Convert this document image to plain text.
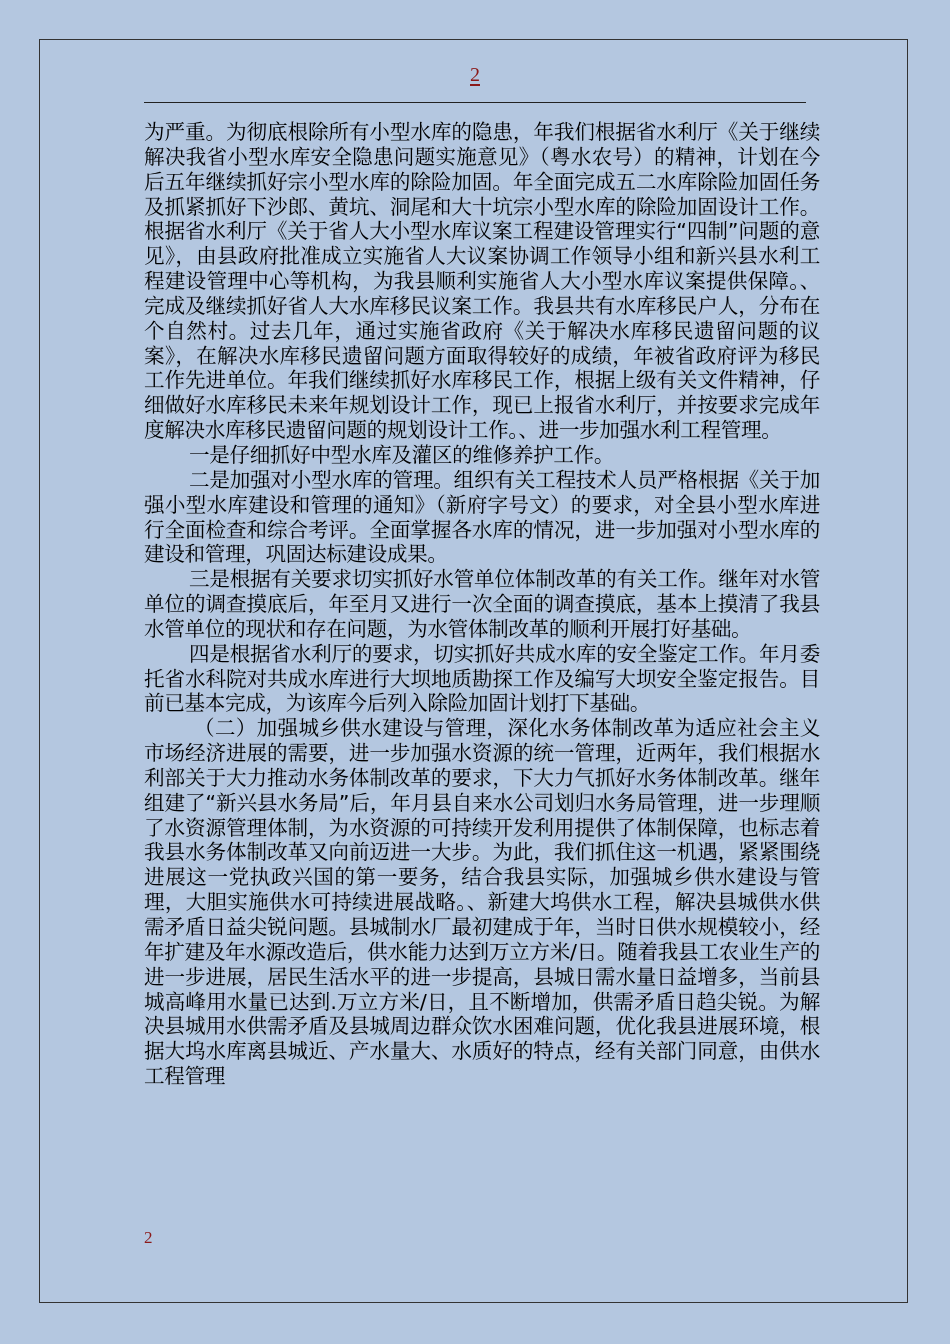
2

为严重。为彻底根除所有小型水库的隐患，年我们根据省水利厅《关于继续解决我省小型水库安全隐患问题实施意见》（粤水农号）的精神，计划在今后五年继续抓好宗小型水库的除险加固。年全面完成五二水库除险加固任务及抓紧抓好下沙郎、黄坑、洞尾和大十坑宗小型水库的除险加固设计工作。根据省水利厅《关于省人大小型水库议案工程建设管理实行“四制”问题的意见》，由县政府批准成立实施省人大议案协调工作领导小组和新兴县水利工程建设管理中心等机构，为我县顺利实施省人大小型水库议案提供保障。、完成及继续抓好省人大水库移民议案工作。我县共有水库移民户人，分布在个自然村。过去几年，通过实施省政府《关于解决水库移民遗留问题的议案》，在解决水库移民遗留问题方面取得较好的成绩，年被省政府评为移民工作先进单位。年我们继续抓好水库移民工作，根据上级有关文件精神，仔细做好水库移民未来年规划设计工作，现已上报省水利厅，并按要求完成年度解决水库移民遗留问题的规划设计工作。、进一步加强水利工程管理。

一是仔细抓好中型水库及灌区的维修养护工作。

二是加强对小型水库的管理。组织有关工程技术人员严格根据《关于加强小型水库建设和管理的通知》（新府字号文）的要求，对全县小型水库进行全面检查和综合考评。全面掌握各水库的情况，进一步加强对小型水库的建设和管理，巩固达标建设成果。

三是根据有关要求切实抓好水管单位体制改革的有关工作。继年对水管单位的调查摸底后，年至月又进行一次全面的调查摸底，基本上摸清了我县水管单位的现状和存在问题，为水管体制改革的顺利开展打好基础。

四是根据省水利厅的要求，切实抓好共成水库的安全鉴定工作。年月委托省水科院对共成水库进行大坝地质勘探工作及编写大坝安全鉴定报告。目前已基本完成，为该库今后列入除险加固计划打下基础。

（二）加强城乡供水建设与管理，深化水务体制改革为适应社会主义市场经济进展的需要，进一步加强水资源的统一管理，近两年，我们根据水利部关于大力推动水务体制改革的要求，下大力气抓好水务体制改革。继年组建了“新兴县水务局”后，年月县自来水公司划归水务局管理，进一步理顺了水资源管理体制，为水资源的可持续开发利用提供了体制保障，也标志着我县水务体制改革又向前迈进一大步。为此，我们抓住这一机遇，紧紧围绕进展这一党执政兴国的第一要务，结合我县实际，加强城乡供水建设与管理，大胆实施供水可持续进展战略。、新建大坞供水工程，解决县城供水供需矛盾日益尖锐问题。县城制水厂最初建成于年，当时日供水规模较小，经年扩建及年水源改造后，供水能力达到万立方米/日。随着我县工农业生产的进一步进展，居民生活水平的进一步提高，县城日需水量日益增多，当前县城高峰用水量已达到.万立方米/日，且不断增加，供需矛盾日趋尖锐。为解决县城用水供需矛盾及县城周边群众饮水困难问题，优化我县进展环境，根据大坞水库离县城近、产水量大、水质好的特点，经有关部门同意，由供水工程管理

2
